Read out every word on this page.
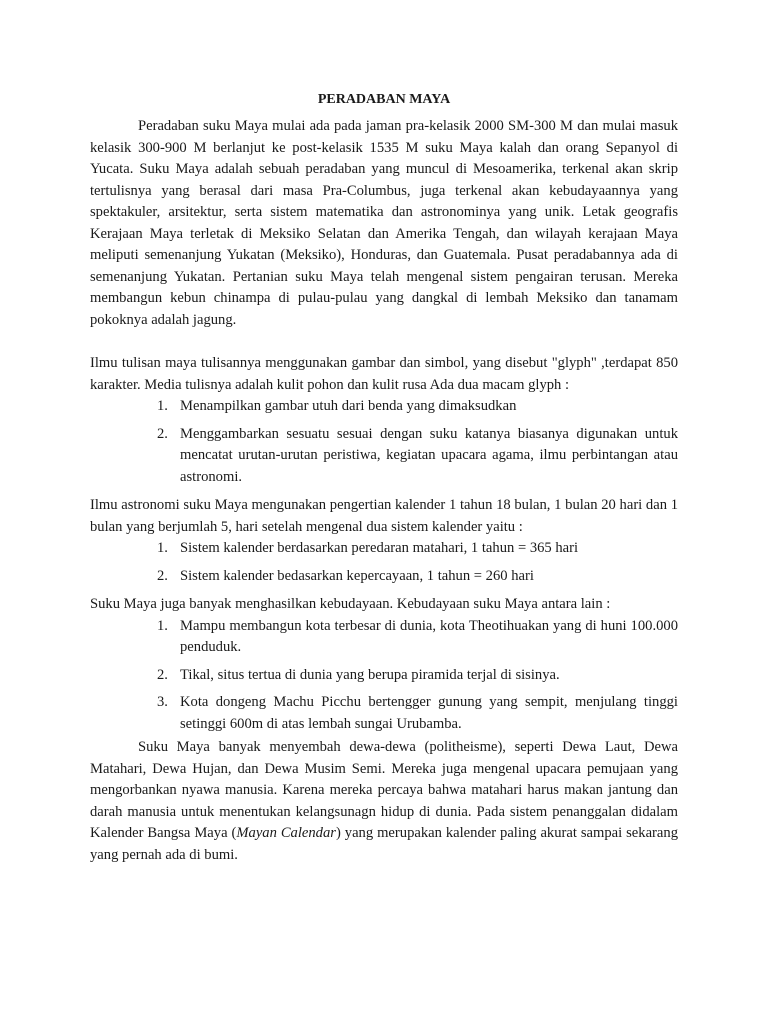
PERADABAN MAYA

Peradaban suku Maya mulai ada pada jaman pra-kelasik 2000 SM-300 M dan mulai masuk kelasik 300-900 M berlanjut ke post-kelasik 1535 M suku Maya kalah dan orang Sepanyol di Yucata. Suku Maya adalah sebuah peradaban yang muncul di Mesoamerika, terkenal akan skrip tertulisnya yang berasal dari masa Pra-Columbus, juga terkenal akan kebudayaannya yang spektakuler, arsitektur, serta sistem matematika dan astronominya yang unik. Letak geografis Kerajaan Maya terletak di Meksiko Selatan dan Amerika Tengah, dan wilayah kerajaan Maya meliputi semenanjung Yukatan (Meksiko), Honduras, dan Guatemala. Pusat peradabannya ada di semenanjung Yukatan. Pertanian suku Maya telah mengenal sistem pengairan terusan. Mereka membangun kebun chinampa di pulau-pulau yang dangkal di lembah Meksiko dan tanamam pokoknya adalah jagung.

Ilmu tulisan maya tulisannya menggunakan gambar dan simbol, yang disebut "glyph" ,terdapat 850 karakter. Media tulisnya adalah kulit pohon dan kulit rusa Ada dua macam glyph :

1. Menampilkan gambar utuh dari benda yang dimaksudkan
2. Menggambarkan sesuatu sesuai dengan suku katanya biasanya digunakan untuk mencatat urutan-urutan peristiwa, kegiatan upacara agama, ilmu perbintangan atau astronomi.

Ilmu astronomi suku Maya mengunakan pengertian kalender 1 tahun 18 bulan, 1 bulan 20 hari dan 1 bulan yang berjumlah 5, hari setelah mengenal dua sistem kalender yaitu :

1. Sistem kalender berdasarkan peredaran matahari, 1 tahun = 365 hari
2. Sistem kalender bedasarkan kepercayaan, 1 tahun = 260 hari

Suku Maya juga banyak menghasilkan kebudayaan. Kebudayaan suku Maya antara lain :

1. Mampu membangun kota terbesar di dunia, kota Theotihuakan yang di huni 100.000 penduduk.
2. Tikal, situs tertua di dunia yang berupa piramida terjal di sisinya.
3. Kota dongeng Machu Picchu bertengger gunung yang sempit, menjulang tinggi setinggi 600m di atas lembah sungai Urubamba.

Suku Maya banyak menyembah dewa-dewa (politheisme), seperti Dewa Laut, Dewa Matahari, Dewa Hujan, dan Dewa Musim Semi. Mereka juga mengenal upacara pemujaan yang mengorbankan nyawa manusia. Karena mereka percaya bahwa matahari harus makan jantung dan darah manusia untuk menentukan kelangsunagn hidup di dunia. Pada sistem penanggalan didalam Kalender Bangsa Maya (Mayan Calendar) yang merupakan kalender paling akurat sampai sekarang yang pernah ada di bumi.
